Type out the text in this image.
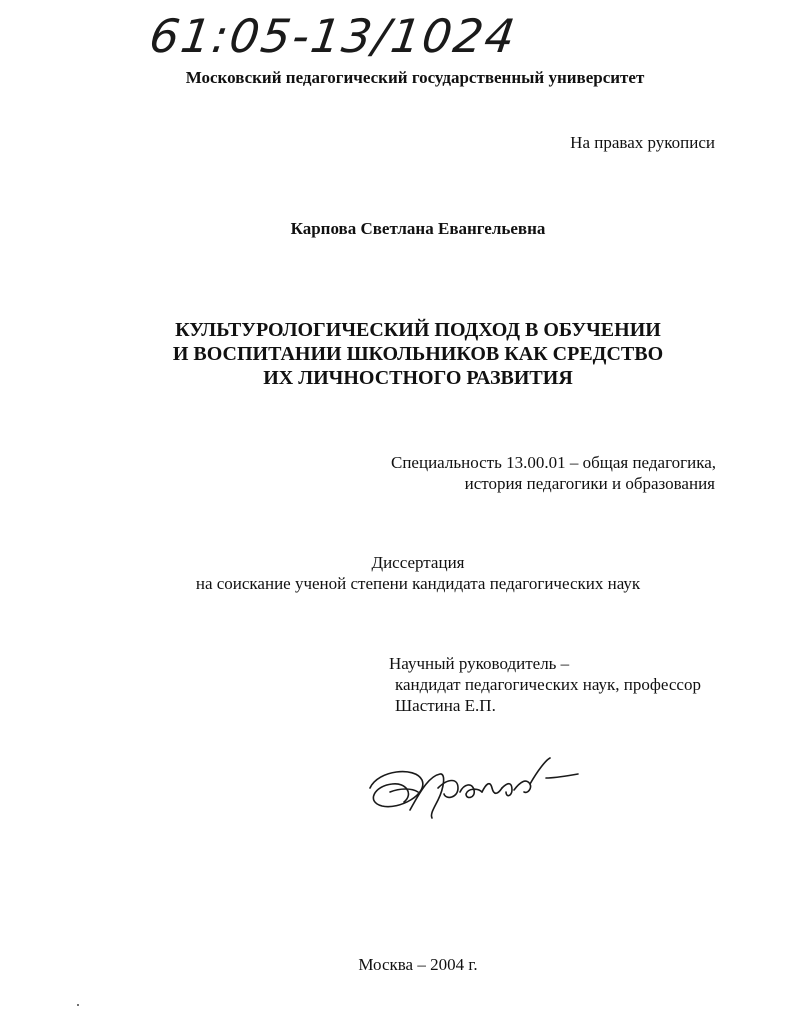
61:05-13/1024
Московский педагогический государственный университет
На правах рукописи
Карпова Светлана Евангельевна
КУЛЬТУРОЛОГИЧЕСКИЙ ПОДХОД В ОБУЧЕНИИ
И ВОСПИТАНИИ ШКОЛЬНИКОВ КАК СРЕДСТВО
ИХ ЛИЧНОСТНОГО РАЗВИТИЯ
Специальность 13.00.01 – общая педагогика,
история педагогики и образования
Диссертация
на соискание ученой степени кандидата педагогических наук
Научный руководитель –
кандидат педагогических наук, профессор
Шастина Е.П.
Москва – 2004 г.
